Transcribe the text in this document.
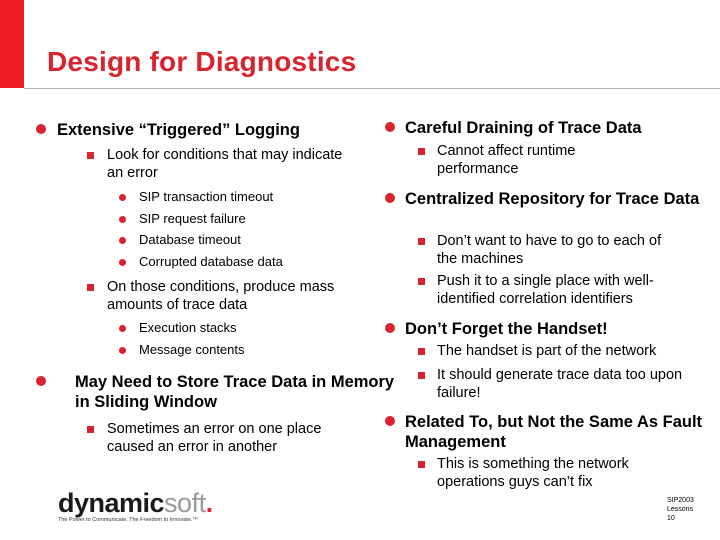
Design for Diagnostics
Extensive “Triggered” Logging
Look for conditions that may indicate an error
SIP transaction timeout
SIP request failure
Database timeout
Corrupted database data
On those conditions, produce mass amounts of trace data
Execution stacks
Message contents
May Need to Store Trace Data in Memory in Sliding Window
Sometimes an error on one place caused an error in another
Careful Draining of Trace Data
Cannot affect runtime performance
Centralized Repository for Trace Data
Don’t want to have to go to each of the machines
Push it to a single place with well-identified correlation identifiers
Don’t Forget the Handset!
The handset is part of the network
It should generate trace data too upon failure!
Related To, but Not the Same As Fault Management
This is something the network operations guys can’t fix
dynamicsoft.
The Power to Communicate. The Freedom to Innovate.™
SIP2003
Lessons
10
